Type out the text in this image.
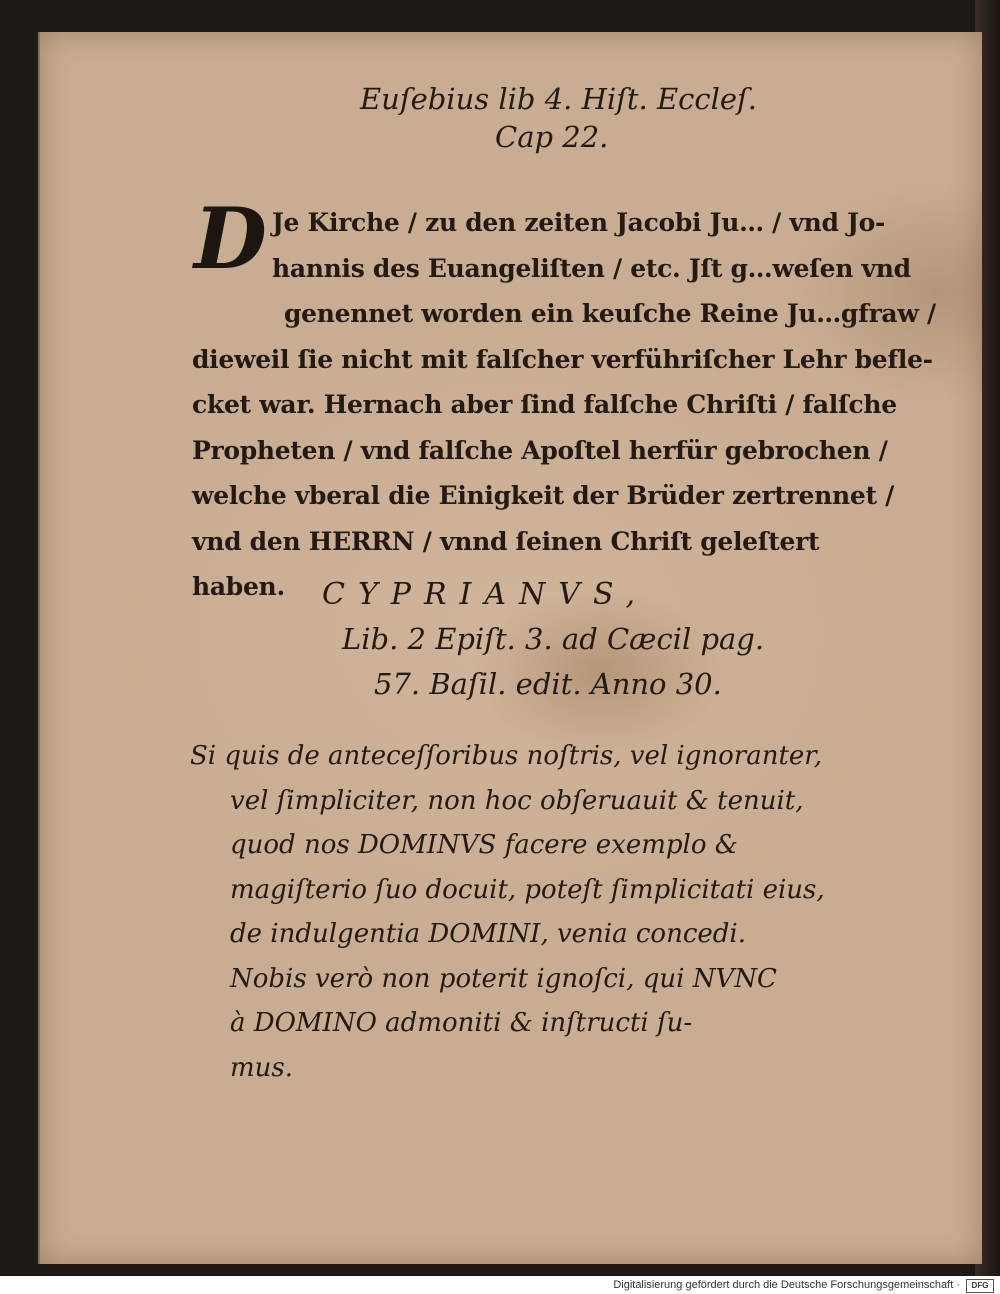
Euſebius lib 4. Hiſt. Eccleſ.
Cap 22.
D Je Kirche / zu den zeiten Jacobi Ju… / vnd Jo-
hannis des Euangeliſten / etc. Jſt g…weſen vnd
genennet worden ein keuſche Reine Ju…gfraw /
dieweil ſie nicht mit falſcher verführiſcher Lehr befle-
cket war. Hernach aber ſind falſche Chriſti / falſche
Propheten / vnd falſche Apoſtel herfür gebrochen /
welche vberal die Einigkeit der Brüder zertrennet /
vnd den HERRN / vnnd ſeinen Chriſt geleſtert
haben.	CYPRIANVS,
Lib. 2 Epiſt. 3. ad Cæcil pag.
57. Baſil. edit. Anno 30.
Si quis de anteceſſoribus noſtris, vel ignoranter,
vel ſimpliciter, non hoc obſeruauit & tenuit,
quod nos DOMINVS facere exemplo &
magiſterio ſuo docuit, poteſt ſimplicitati eius,
de indulgentia DOMINI, venia concedi.
Nobis verò non poterit ignoſci, qui NVNC
à DOMINO admoniti & inſtructi ſu-
mus.
Digitalisierung gefördert durch die Deutsche Forschungsgemeinschaft ·	DFG
